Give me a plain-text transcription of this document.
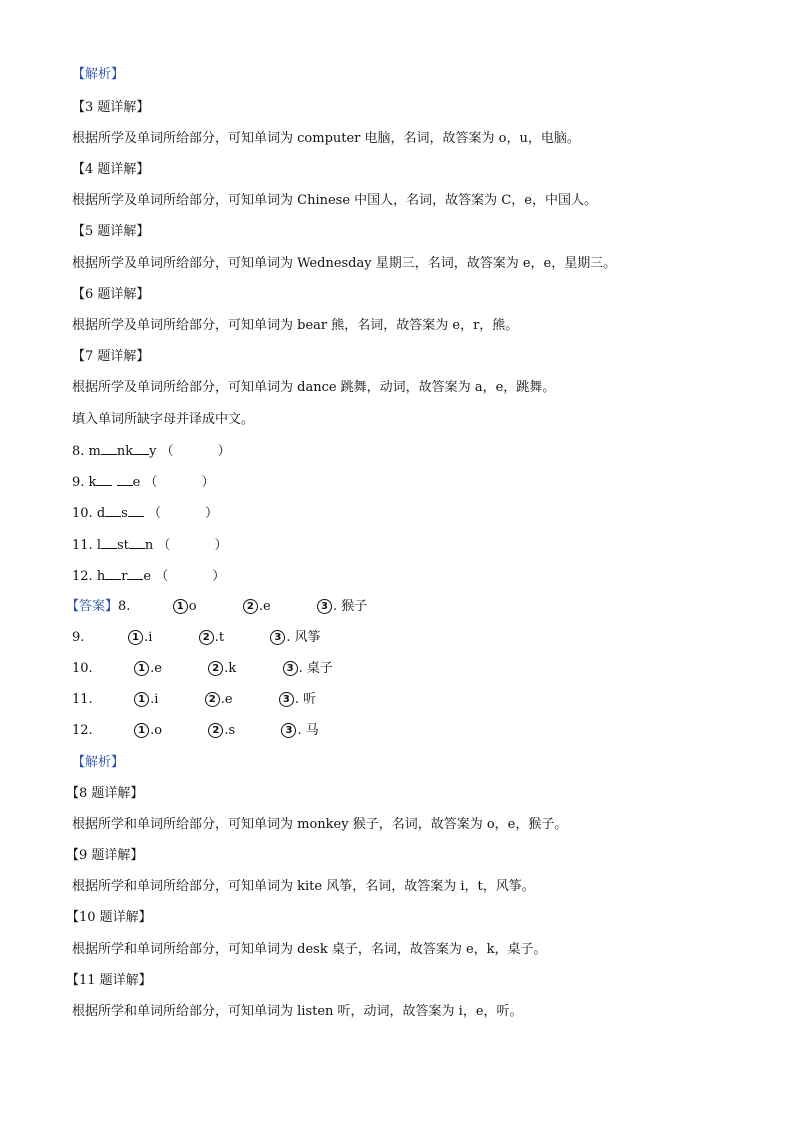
【解析】
【3 题详解】
根据所学及单词所给部分，可知单词为 computer 电脑，名词，故答案为 o，u，电脑。
【4 题详解】
根据所学及单词所给部分，可知单词为 Chinese 中国人，名词，故答案为 C，e，中国人。
【5 题详解】
根据所学及单词所给部分，可知单词为 Wednesday 星期三，名词，故答案为 e，e，星期三。
【6 题详解】
根据所学及单词所给部分，可知单词为 bear 熊，名词，故答案为 e，r，熊。
【7 题详解】
根据所学及单词所给部分，可知单词为 dance 跳舞，动词，故答案为 a，e，跳舞。
填入单词所缺字母并译成中文。
8. m nk y （	）
9. k	e （	）
10. d s （	）
11. l st n （	）
12. h r e （	）
【答案】8.	1 o	2 .e	3 . 猴子
9.	1 .i	2 .t	3 . 风筝
10.	1 .e	2 .k	3 . 桌子
11.	1 .i	2 .e	3 . 听
12.	1 .o	2 .s	3 . 马
【解析】
【8 题详解】
根据所学和单词所给部分，可知单词为 monkey 猴子，名词，故答案为 o，e，猴子。
【9 题详解】
根据所学和单词所给部分，可知单词为 kite 风筝，名词，故答案为 i，t，风筝。
【10 题详解】
根据所学和单词所给部分，可知单词为 desk 桌子，名词，故答案为 e，k，桌子。
【11 题详解】
根据所学和单词所给部分，可知单词为 listen 听，动词，故答案为 i，e，听。
